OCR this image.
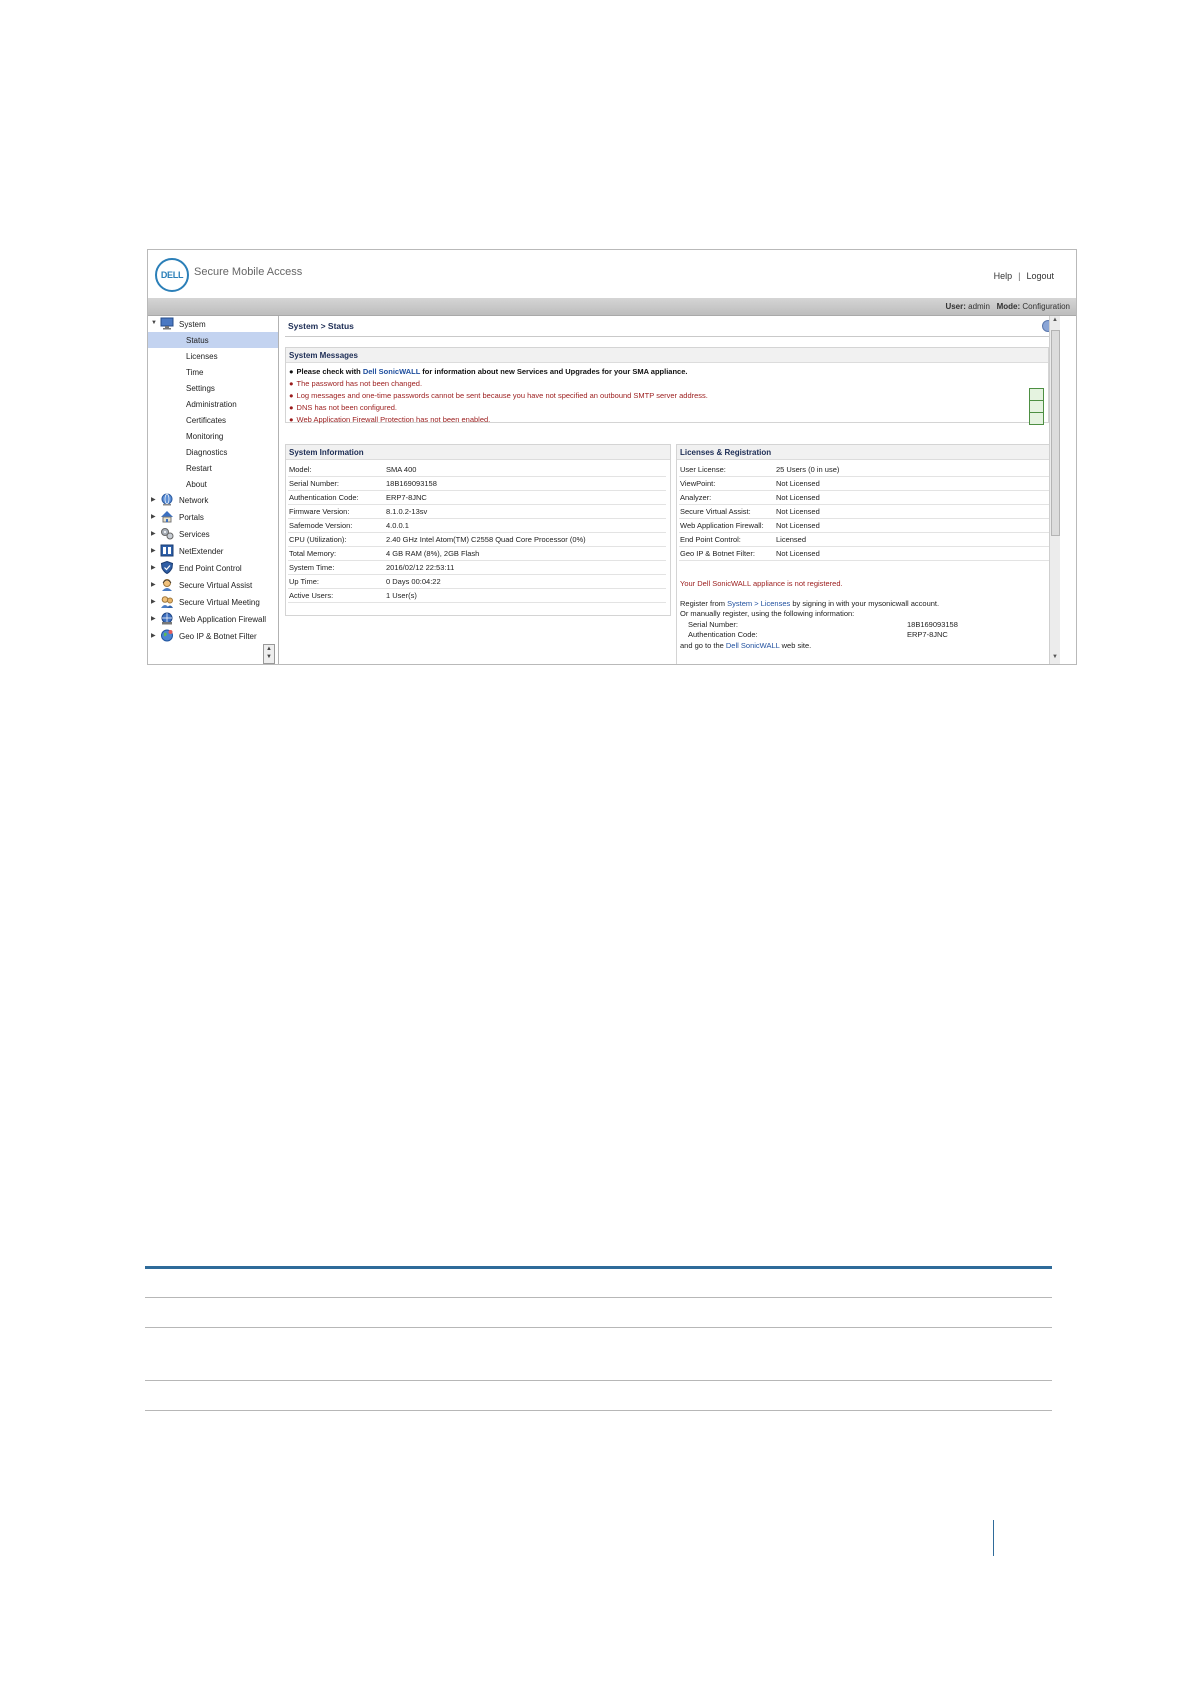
DELL Secure Mobile Access	Help | Logout
User: admin Mode: Configuration
▼	System
Status
Licenses
Time
Settings
Administration
Certificates
Monitoring
Diagnostics
Restart
About
▶	Network
▶	Portals
▶	Services
▶	NetExtender
▶	End Point Control
▶	Secure Virtual Assist
▶	Secure Virtual Meeting
▶	Web Application Firewall
▶	Geo IP & Botnet Filter
▲
▼
System > Status
System Messages
● Please check with Dell SonicWALL for information about new Services and Upgrades for your SMA appliance.
● The password has not been changed.
● Log messages and one-time passwords cannot be sent because you have not specified an outbound SMTP server address.
● DNS has not been configured.
● Web Application Firewall Protection has not been enabled.
System Information
Model:	SMA 400
Serial Number:	18B169093158
Authentication Code:	ERP7-8JNC
Firmware Version:	8.1.0.2-13sv
Safemode Version:	4.0.0.1
CPU (Utilization):	2.40 GHz Intel Atom(TM) C2558 Quad Core Processor (0%)
Total Memory:	4 GB RAM (8%), 2GB Flash
System Time:	2016/02/12 22:53:11
Up Time:	0 Days 00:04:22
Active Users:	1 User(s)
Licenses & Registration
User License:	25 Users (0 in use)
ViewPoint:	Not Licensed
Analyzer:	Not Licensed
Secure Virtual Assist:	Not Licensed
Web Application Firewall: Not Licensed
End Point Control:	Licensed
Geo IP & Botnet Filter:	Not Licensed
Your Dell SonicWALL appliance is not registered.
Register from System > Licenses by signing in with your mysonicwall account.
Or manually register, using the following information:
Serial Number:	18B169093158
Authentication Code:	ERP7-8JNC
and go to the Dell SonicWALL web site.
▲
▼
